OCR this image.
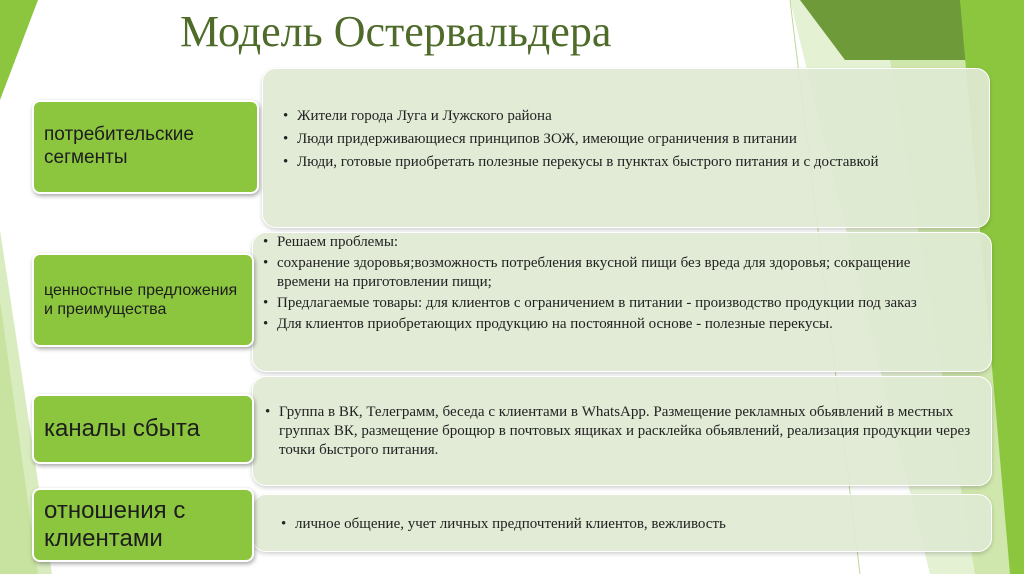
Модель Остервальдера
• Жители города Луга и Лужского района
• Люди придерживающиеся принципов ЗОЖ, имеющие ограничения в питании
• Люди, готовые приобретать полезные перекусы в пунктах быстрого питания и с доставкой
потребительские сегменты
• Решаем проблемы:
• сохранение здоровья;возможность потребления вкусной пищи без вреда для здоровья; сокращение времени на приготовлении пищи;
• Предлагаемые товары: для клиентов с ограничением в питании - производство продукции под заказ
• Для клиентов приобретающих продукцию на постоянной основе - полезные перекусы.
ценностные предложения и преимущества
• Группа в ВК, Телеграмм, беседа с клиентами в WhatsApp. Размещение рекламных обьявлений в местных группах ВК, размещение брощюр в почтовых ящиках и расклейка обьявлений, реализация продукции через точки быстрого питания.
каналы сбыта
• личное общение, учет личных предпочтений клиентов, вежливость
отношения с клиентами
